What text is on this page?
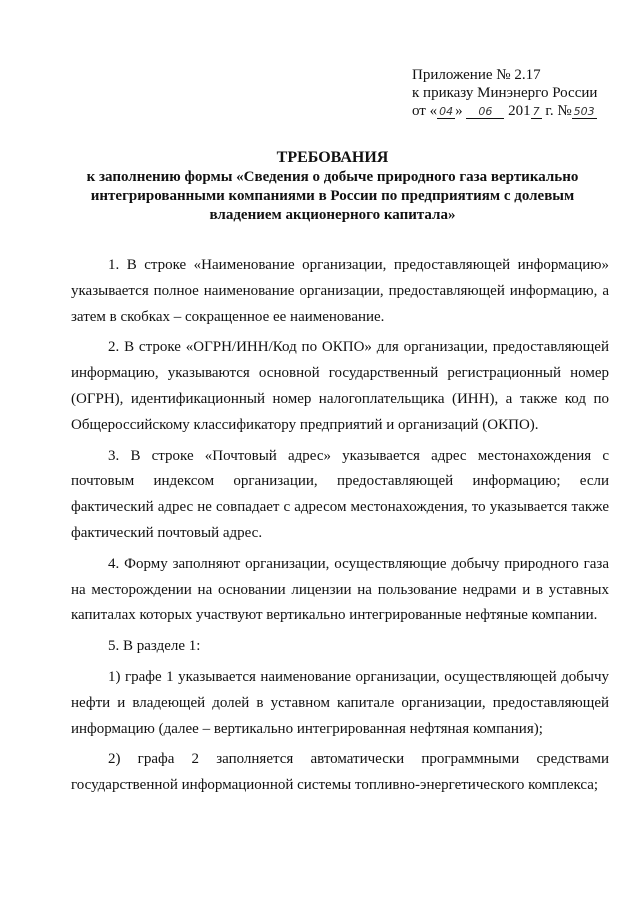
Приложение № 2.17
к приказу Минэнерго России
от « 04 » 06 201 7 г. № 503
ТРЕБОВАНИЯ
к заполнению формы «Сведения о добыче природного газа вертикально интегрированными компаниями в России по предприятиям с долевым владением акционерного капитала»

1. В строке «Наименование организации, предоставляющей информацию» указывается полное наименование организации, предоставляющей информацию, а затем в скобках – сокращенное ее наименование.

2. В строке «ОГРН/ИНН/Код по ОКПО» для организации, предоставляющей информацию, указываются основной государственный регистрационный номер (ОГРН), идентификационный номер налогоплательщика (ИНН), а также код по Общероссийскому классификатору предприятий и организаций (ОКПО).

3. В строке «Почтовый адрес» указывается адрес местонахождения с почтовым индексом организации, предоставляющей информацию; если фактический адрес не совпадает с адресом местонахождения, то указывается также фактический почтовый адрес.

4. Форму заполняют организации, осуществляющие добычу природного газа на месторождении на основании лицензии на пользование недрами и в уставных капиталах которых участвуют вертикально интегрированные нефтяные компании.

5. В разделе 1:

1) графе 1 указывается наименование организации, осуществляющей добычу нефти и владеющей долей в уставном капитале организации, предоставляющей информацию (далее – вертикально интегрированная нефтяная компания);

2) графа 2 заполняется автоматически программными средствами государственной информационной системы топливно-энергетического комплекса;
